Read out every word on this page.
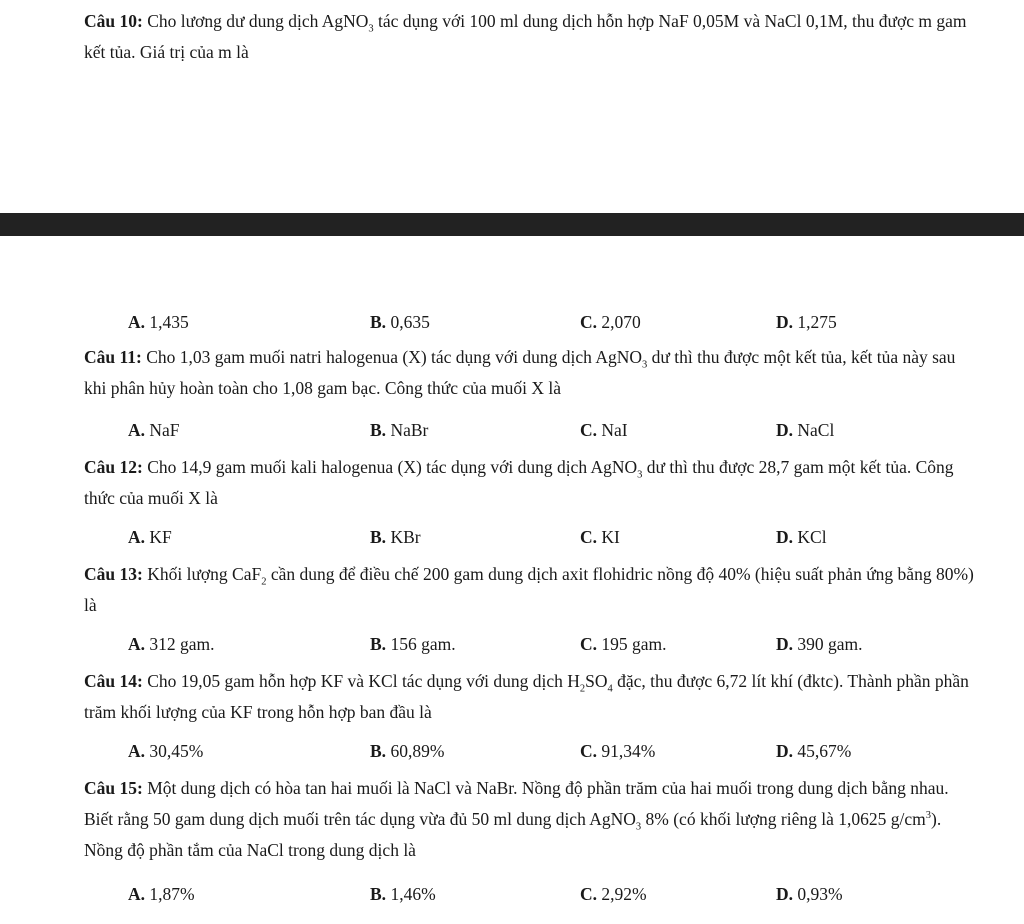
Câu 10: Cho lương dư dung dịch AgNO$_3$ tác dụng với 100 ml dung dịch hỗn hợp NaF 0,05M và NaCl 0,1M, thu được m gam kết tủa. Giá trị của m là

A. 1,435	B. 0,635	C. 2,070	D. 1,275

Câu 11: Cho 1,03 gam muối natri halogenua (X) tác dụng với dung dịch AgNO$_3$ dư thì thu được một kết tủa, kết tủa này sau khi phân hủy hoàn toàn cho 1,08 gam bạc. Công thức của muối X là

A. NaF	B. NaBr	C. NaI	D. NaCl

Câu 12: Cho 14,9 gam muối kali halogenua (X) tác dụng với dung dịch AgNO$_3$ dư thì thu được 28,7 gam một kết tủa. Công thức của muối X là

A. KF	B. KBr	C. KI	D. KCl

Câu 13: Khối lượng CaF$_2$ cần dung để điều chế 200 gam dung dịch axit flohidric nồng độ 40% (hiệu suất phản ứng bằng 80%) là

A. 312 gam.	B. 156 gam.	C. 195 gam.	D. 390 gam.

Câu 14: Cho 19,05 gam hỗn hợp KF và KCl tác dụng với dung dịch $H_2SO_4$ đặc, thu được 6,72 lít khí (đktc). Thành phần phần trăm khối lượng của KF trong hỗn hợp ban đầu là

A. 30,45%	B. 60,89%	C. 91,34%	D. 45,67%

Câu 15: Một dung dịch có hòa tan hai muối là NaCl và NaBr. Nồng độ phần trăm của hai muối trong dung dịch bằng nhau. Biết rằng 50 gam dung dịch muối trên tác dụng vừa đủ 50 ml dung dịch AgNO$_3$ 8% (có khối lượng riêng là 1,0625 $g/cm^3$). Nồng độ phần tắm của NaCl trong dung dịch là

A. 1,87%	B. 1,46%	C. 2,92%	D. 0,93%
